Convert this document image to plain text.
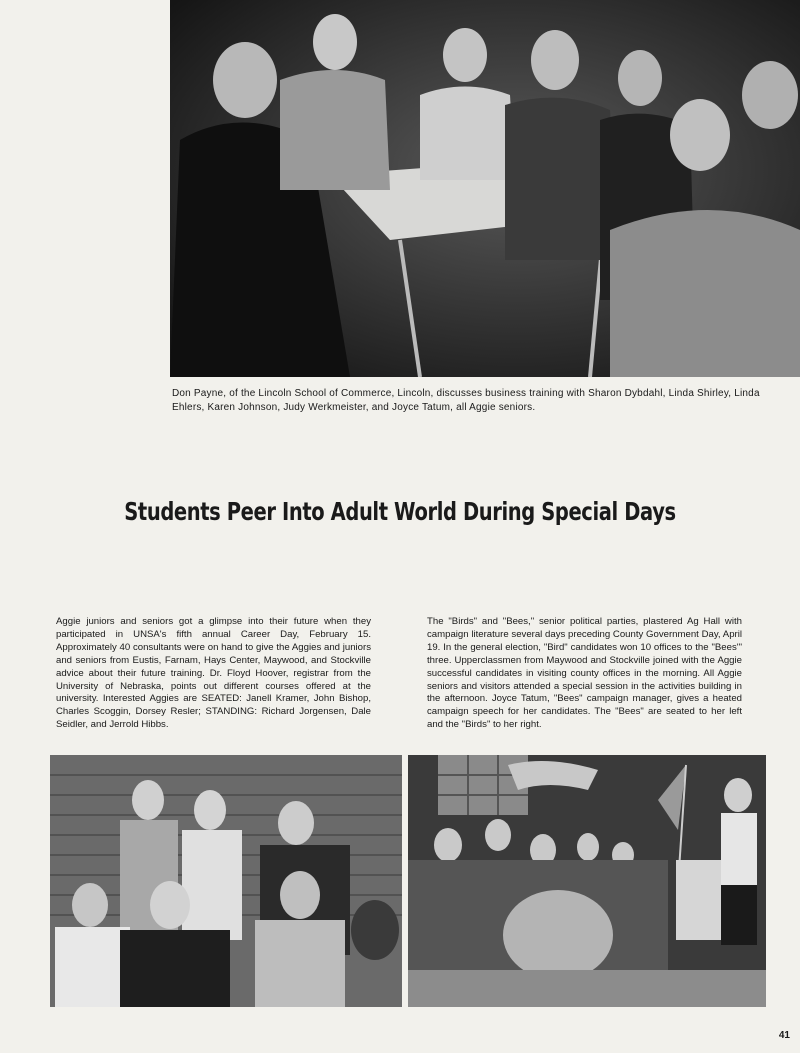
Don Payne, of the Lincoln School of Commerce, Lincoln, discusses business training with Sharon Dybdahl, Linda Shirley, Linda Ehlers, Karen Johnson, Judy Werkmeister, and Joyce Tatum, all Aggie seniors.
Students Peer Into Adult World During Special Days
Aggie juniors and seniors got a glimpse into their future when they participated in UNSA's fifth annual Career Day, February 15. Approximately 40 consultants were on hand to give the Aggies and juniors and seniors from Eustis, Farnam, Hays Center, Maywood, and Stockville advice about their future training. Dr. Floyd Hoover, registrar from the University of Nebraska, points out different courses offered at the university. Interested Aggies are SEATED: Janell Kramer, John Bishop, Charles Scoggin, Dorsey Resler; STANDING: Richard Jorgensen, Dale Seidler, and Jerrold Hibbs.
The "Birds" and "Bees," senior political parties, plastered Ag Hall with campaign literature several days preceding County Government Day, April 19. In the general election, "Bird" candidates won 10 offices to the "Bees'" three. Upperclassmen from Maywood and Stockville joined with the Aggie successful candidates in visiting county offices in the morning. All Aggie seniors and visitors attended a special session in the activities building in the afternoon. Joyce Tatum, "Bees" campaign manager, gives a heated campaign speech for her candidates. The "Bees" are seated to her left and the "Birds" to her right.
41
